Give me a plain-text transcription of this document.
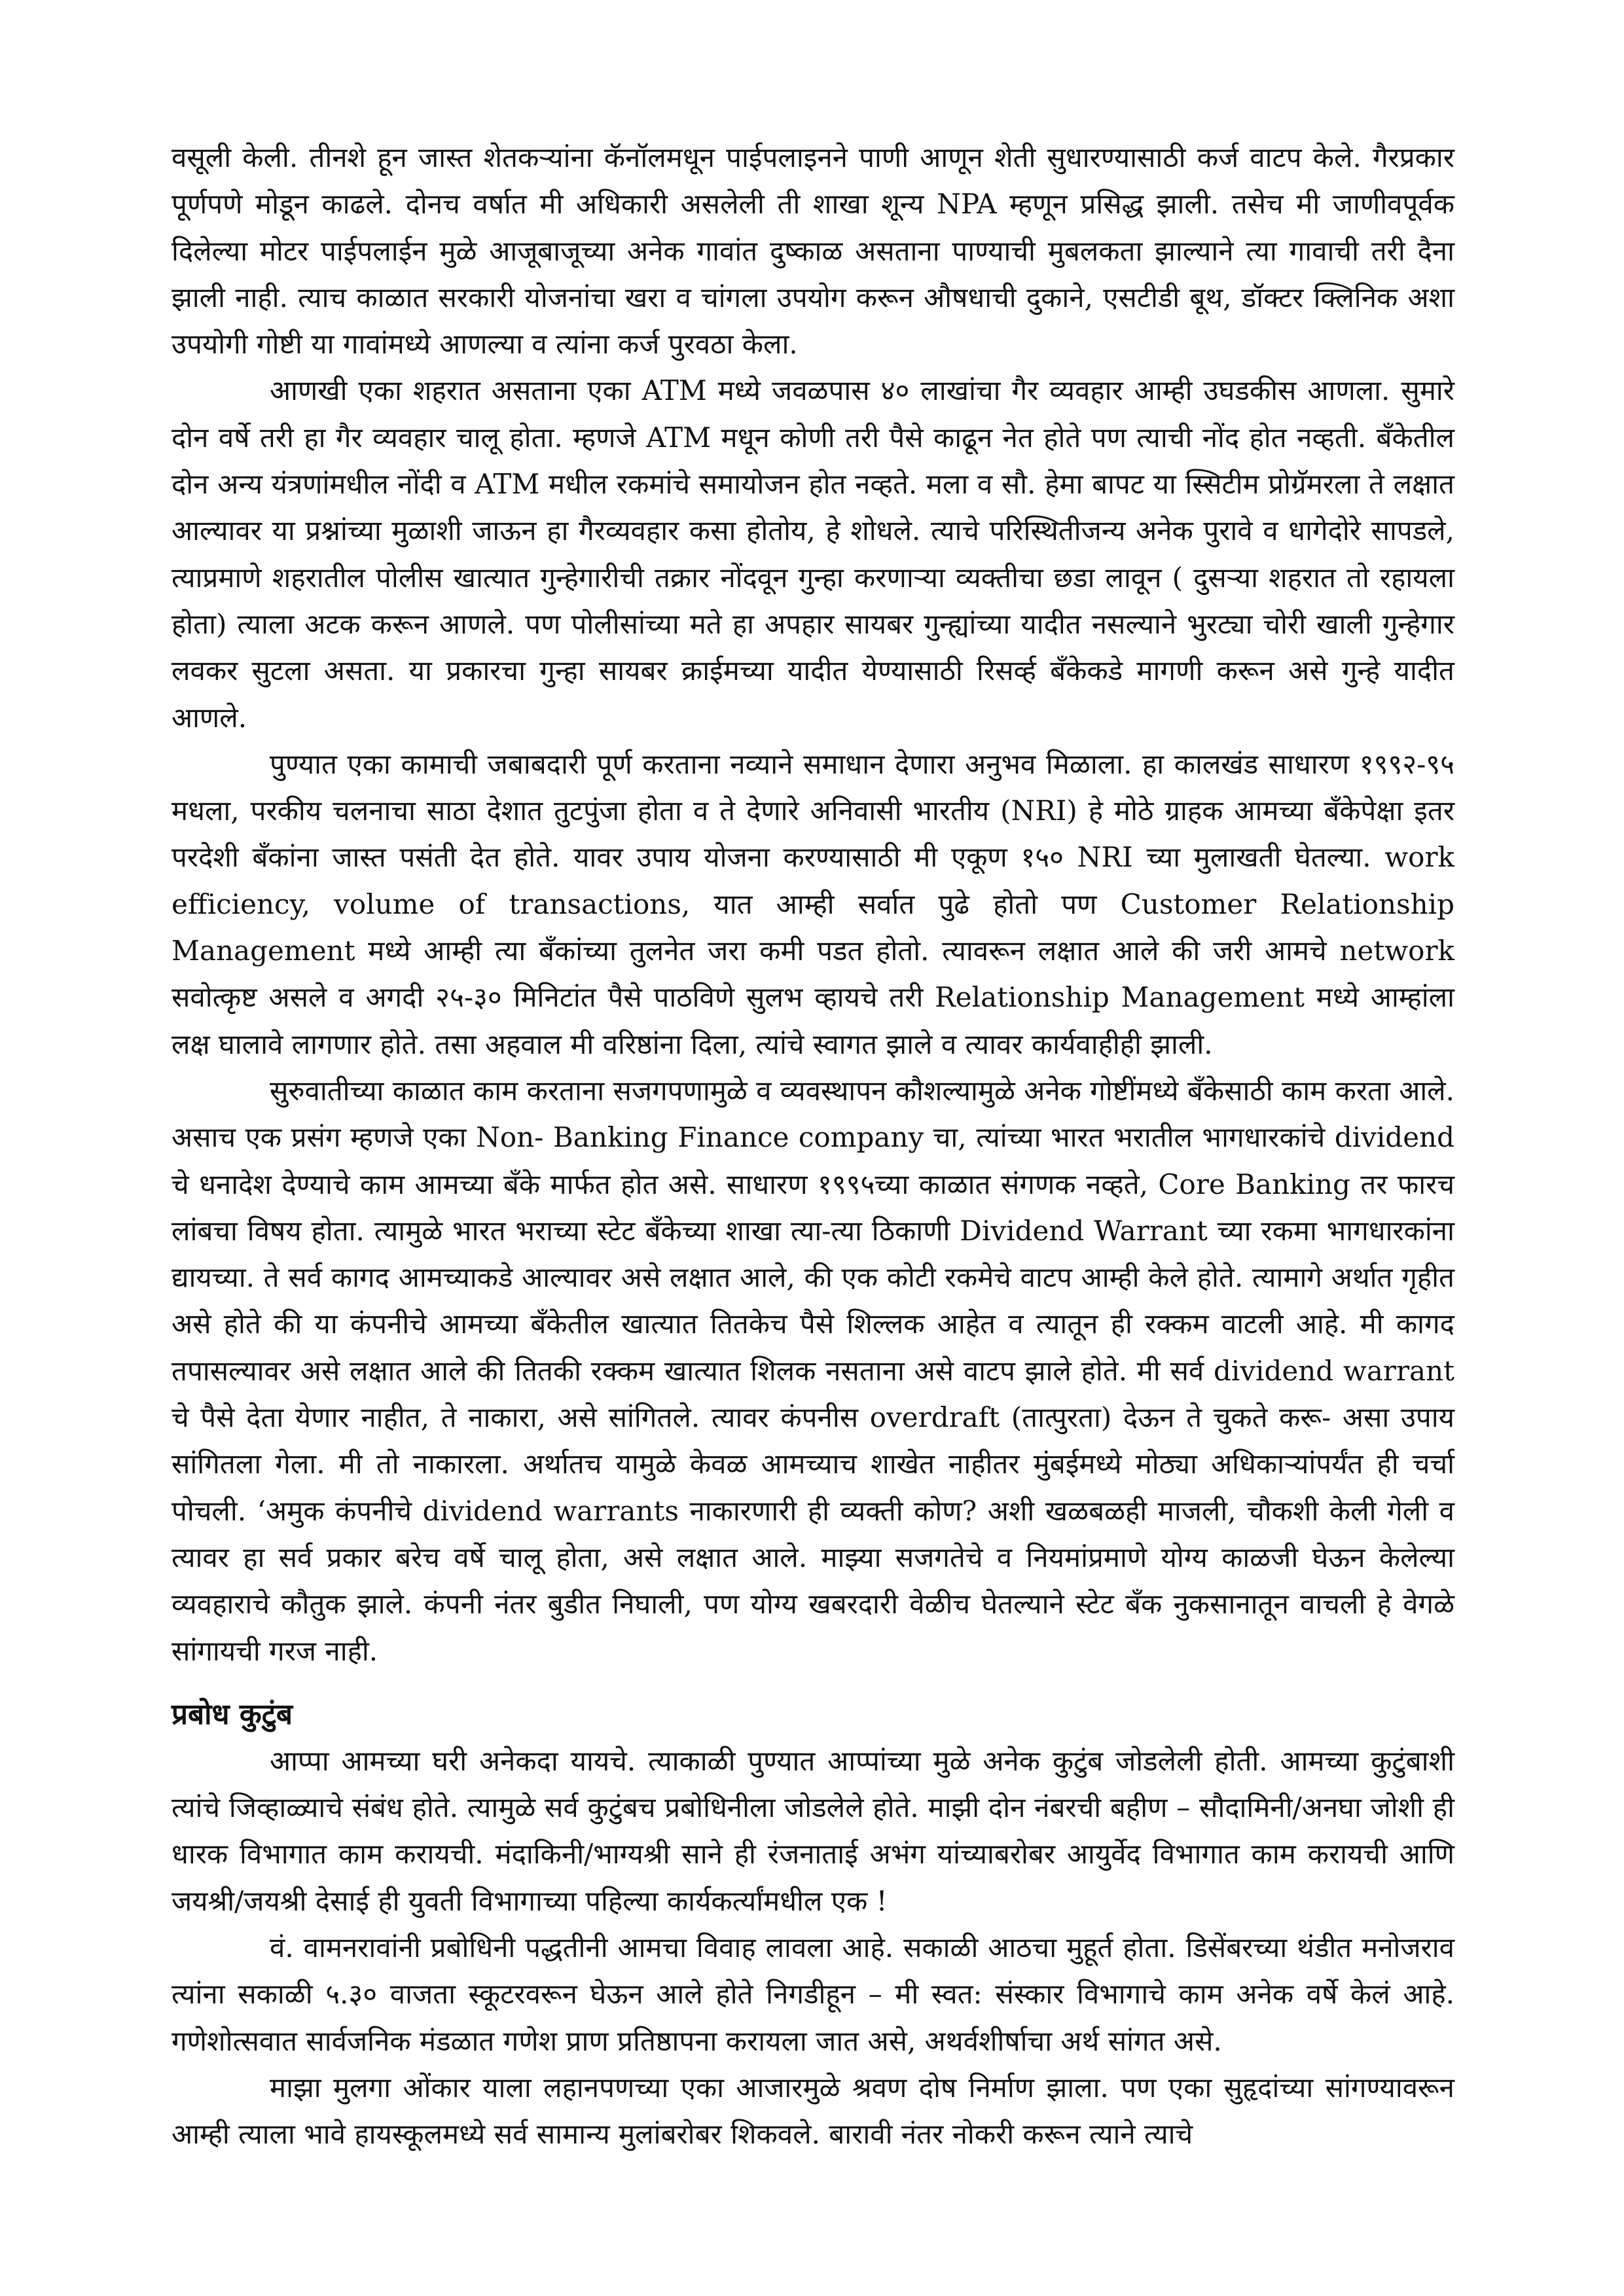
वसूली केली. तीनशे हून जास्त शेतकऱ्यांना कॅनॉलमधून पाईपलाइनने पाणी आणून शेती सुधारण्यासाठी कर्ज वाटप केले. गैरप्रकार पूर्णपणे मोडून काढले. दोनच वर्षात मी अधिकारी असलेली ती शाखा शून्य NPA म्हणून प्रसिद्ध झाली. तसेच मी जाणीवपूर्वक दिलेल्या मोटर पाईपलाईन मुळे आजूबाजूच्या अनेक गावांत दुष्काळ असताना पाण्याची मुबलकता झाल्याने त्या गावाची तरी दैना झाली नाही. त्याच काळात सरकारी योजनांचा खरा व चांगला उपयोग करून औषधाची दुकाने, एसटीडी बूथ, डॉक्टर क्लिनिक अशा उपयोगी गोष्टी या गावांमध्ये आणल्या व त्यांना कर्ज पुरवठा केला.

आणखी एका शहरात असताना एका ATM मध्ये जवळपास ४० लाखांचा गैर व्यवहार आम्ही उघडकीस आणला. सुमारे दोन वर्षे तरी हा गैर व्यवहार चालू होता. म्हणजे ATM मधून कोणी तरी पैसे काढून नेत होते पण त्याची नोंद होत नव्हती. बँकेतील दोन अन्य यंत्रणांमधील नोंदी व ATM मधील रकमांचे समायोजन होत नव्हते. मला व सौ. हेमा बापट या स्सिटीम प्रोग्रॅमरला ते लक्षात आल्यावर या प्रश्नांच्या मुळाशी जाऊन हा गैरव्यवहार कसा होतोय, हे शोधले. त्याचे परिस्थितीजन्य अनेक पुरावे व धागेदोरे सापडले, त्याप्रमाणे शहरातील पोलीस खात्यात गुन्हेगारीची तक्रार नोंदवून गुन्हा करणाऱ्या व्यक्तीचा छडा लावून ( दुसऱ्या शहरात तो रहायला होता) त्याला अटक करून आणले. पण पोलीसांच्या मते हा अपहार सायबर गुन्ह्यांच्या यादीत नसल्याने भुरट्या चोरी खाली गुन्हेगार लवकर सुटला असता. या प्रकारचा गुन्हा सायबर क्राईमच्या यादीत येण्यासाठी रिसर्व्ह बँकेकडे मागणी करून असे गुन्हे यादीत आणले.

पुण्यात एका कामाची जबाबदारी पूर्ण करताना नव्याने समाधान देणारा अनुभव मिळाला. हा कालखंड साधारण १९९२-९५ मधला, परकीय चलनाचा साठा देशात तुटपुंजा होता व ते देणारे अनिवासी भारतीय (NRI) हे मोठे ग्राहक आमच्या बँकेपेक्षा इतर परदेशी बँकांना जास्त पसंती देत होते. यावर उपाय योजना करण्यासाठी मी एकूण १५० NRI च्या मुलाखती घेतल्या. work efficiency, volume of transactions, यात आम्ही सर्वात पुढे होतो पण Customer Relationship Management मध्ये आम्ही त्या बँकांच्या तुलनेत जरा कमी पडत होतो. त्यावरून लक्षात आले की जरी आमचे network सवोत्कृष्ट असले व अगदी २५-३० मिनिटांत पैसे पाठविणे सुलभ व्हायचे तरी Relationship Management मध्ये आम्हांला लक्ष घालावे लागणार होते. तसा अहवाल मी वरिष्ठांना दिला, त्यांचे स्वागत झाले व त्यावर कार्यवाहीही झाली.

सुरुवातीच्या काळात काम करताना सजगपणामुळे व व्यवस्थापन कौशल्यामुळे अनेक गोष्टींमध्ये बँकेसाठी काम करता आले. असाच एक प्रसंग म्हणजे एका Non- Banking Finance company चा, त्यांच्या भारत भरातील भागधारकांचे dividend चे धनादेश देण्याचे काम आमच्या बँके मार्फत होत असे. साधारण १९९५च्या काळात संगणक नव्हते, Core Banking तर फारच लांबचा विषय होता. त्यामुळे भारत भराच्या स्टेट बँकेच्या शाखा त्या-त्या ठिकाणी Dividend Warrant च्या रकमा भागधारकांना द्यायच्या. ते सर्व कागद आमच्याकडे आल्यावर असे लक्षात आले, की एक कोटी रकमेचे वाटप आम्ही केले होते. त्यामागे अर्थात गृहीत असे होते की या कंपनीचे आमच्या बँकेतील खात्यात तितकेच पैसे शिल्लक आहेत व त्यातून ही रक्कम वाटली आहे. मी कागद तपासल्यावर असे लक्षात आले की तितकी रक्कम खात्यात शिलक नसताना असे वाटप झाले होते. मी सर्व dividend warrant चे पैसे देता येणार नाहीत, ते नाकारा, असे सांगितले. त्यावर कंपनीस overdraft (तात्पुरता) देऊन ते चुकते करू- असा उपाय सांगितला गेला. मी तो नाकारला. अर्थातच यामुळे केवळ आमच्याच शाखेत नाहीतर मुंबईमध्ये मोठ्या अधिकाऱ्यांपर्यंत ही चर्चा पोचली. ‘अमुक कंपनीचे dividend warrants नाकारणारी ही व्यक्ती कोण? अशी खळबळही माजली, चौकशी केली गेली व त्यावर हा सर्व प्रकार बरेच वर्षे चालू होता, असे लक्षात आले. माझ्या सजगतेचे व नियमांप्रमाणे योग्य काळजी घेऊन केलेल्या व्यवहाराचे कौतुक झाले. कंपनी नंतर बुडीत निघाली, पण योग्य खबरदारी वेळीच घेतल्याने स्टेट बँक नुकसानातून वाचली हे वेगळे सांगायची गरज नाही.

प्रबोध कुटुंब

आप्पा आमच्या घरी अनेकदा यायचे. त्याकाळी पुण्यात आप्पांच्या मुळे अनेक कुटुंब जोडलेली होती. आमच्या कुटुंबाशी त्यांचे जिव्हाळ्याचे संबंध होते. त्यामुळे सर्व कुटुंबच प्रबोधिनीला जोडलेले होते. माझी दोन नंबरची बहीण – सौदामिनी/अनघा जोशी ही धारक विभागात काम करायची. मंदाकिनी/भाग्यश्री साने ही रंजनाताई अभंग यांच्याबरोबर आयुर्वेद विभागात काम करायची आणि जयश्री/जयश्री देसाई ही युवती विभागाच्या पहिल्या कार्यकर्त्यांमधील एक !

वं. वामनरावांनी प्रबोधिनी पद्धतीनी आमचा विवाह लावला आहे. सकाळी आठचा मुहूर्त होता. डिसेंबरच्या थंडीत मनोजराव त्यांना सकाळी ५.३० वाजता स्कूटरवरून घेऊन आले होते निगडीहून – मी स्वत: संस्कार विभागाचे काम अनेक वर्षे केलं आहे. गणेशोत्सवात सार्वजनिक मंडळात गणेश प्राण प्रतिष्ठापना करायला जात असे, अथर्वशीर्षाचा अर्थ सांगत असे.

माझा मुलगा ओंकार याला लहानपणच्या एका आजारमुळे श्रवण दोष निर्माण झाला. पण एका सुहृदांच्या सांगण्यावरून आम्ही त्याला भावे हायस्कूलमध्ये सर्व सामान्य मुलांबरोबर शिकवले. बारावी नंतर नोकरी करून त्याने त्याचे
